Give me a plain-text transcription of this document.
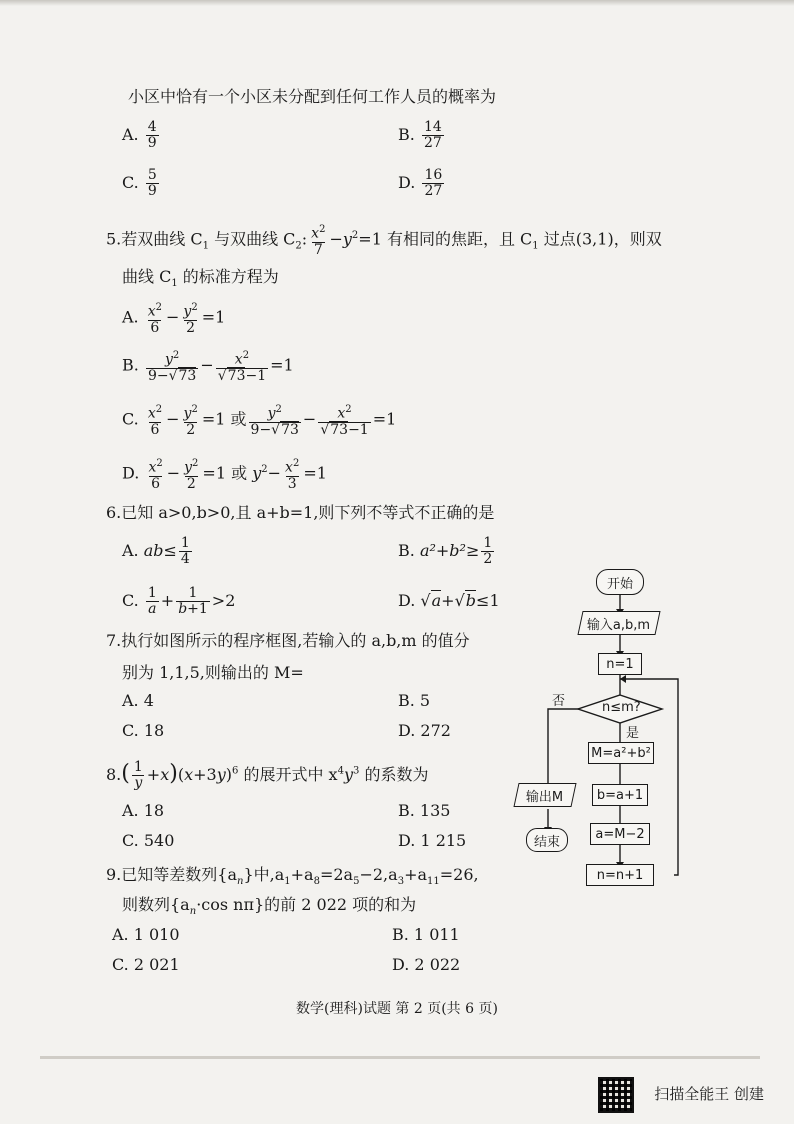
小区中恰有一个小区未分配到任何工作人员的概率为
A. $\frac{4}{9}$	B. $\frac{14}{27}$
C. $\frac{5}{9}$	D. $\frac{16}{27}$
5.若双曲线 $C_1$ 与双曲线 $C_2$: $\frac{x^2}{7} -y^2=1$ 有相同的焦距，且 $C_1$ 过点(3,1)，则双
曲线 $C_1$ 的标准方程为
A. $\frac{x^2}{6} - \frac{y^2}{2} =1$
B. $\frac{y^2}{9-√73} - \frac{x^2}{√73-1} =1$
C. $\frac{x^2}{6} - \frac{y^2}{2} =1$ 或 $\frac{y^2}{9-√73} - \frac{x^2}{√73-1} =1$
D. $\frac{x^2}{6} - \frac{y^2}{2} =1$ 或 $y^2- \frac{x^2}{3} =1$
6.已知 a>0,b>0,且 a+b=1,则下列不等式不正确的是
A. $ab\le \frac{1}{4}$	B. $a^2+b^2\ge \frac{1}{2}$
C. $\frac{1}{a} + \frac{1}{b+1} >2$	D. √a+√b≤1
7.执行如图所示的程序框图,若输入的 a,b,m 的值分
别为 1,1,5,则输出的 M=
A. 4	B. 5
C. 18	D. 272
$8.( \frac{1}{y} +x)(x+3y)^6$ 的展开式中 $x^4y^3$ 的系数为
A. 18	B. 135
C. 540	D. 1 215
9.已知等差数列$\{a_n\}$中$,a_1+a_8=2a_5-2,a_3+a_{11}=26$,
则数列{$a_n\cdot\cos$ nπ}的前 2 022 项的和为
A. 1 010	B. 1 011
C. 2 021	D. 2 022
开始
输入a,b,m
n=1
n≤m?
否
是
M=a²+b²
b=a+1
a=M−2
n=n+1
输出M
结束
数学(理科)试题 第 2 页(共 6 页)
扫描全能王 创建
